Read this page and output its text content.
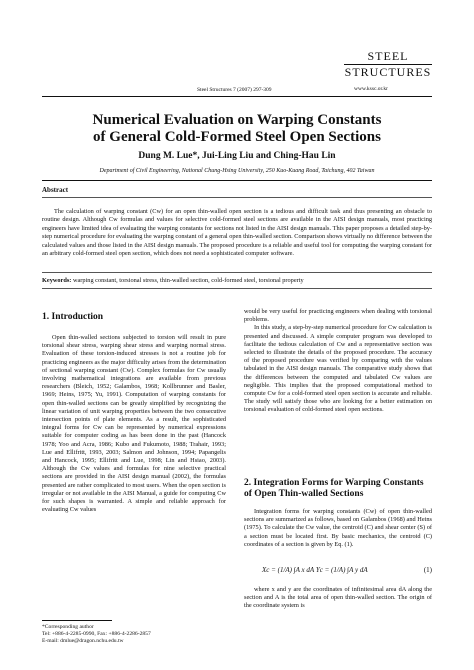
STEEL
STRUCTURES
www.kssc.or.kr
Steel Structures 7 (2007) 297-309
Numerical Evaluation on Warping Constants
of General Cold-Formed Steel Open Sections
Dung M. Lue*, Jui-Ling Liu and Ching-Hau Lin
Department of Civil Engineering, National Chung-Hsing University, 250 Kuo-Kuang Road, Taichung, 402 Taiwan
Abstract
The calculation of warping constant (Cw) for an open thin-walled open section is a tedious and difficult task and thus presenting an obstacle to routine design. Although Cw formulas and values for selective cold-formed steel sections are available in the AISI design manuals, most practicing engineers have limited idea of evaluating the warping constants for sections not listed in the AISI design manuals. This paper proposes a detailed step-by-step numerical procedure for evaluating the warping constant of a general open thin-walled section. Comparison shows virtually no difference between the calculated values and those listed in the AISI design manuals. The proposed procedure is a reliable and useful tool for computing the warping constant for an arbitrary cold-formed steel open section, which does not need a sophisticated computer software.
Keywords: warping constant, torsional stress, thin-walled section, cold-formed steel, torsional property
1. Introduction

Open thin-walled sections subjected to torsion will result in pure torsional shear stress, warping shear stress and warping normal stress. Evaluation of these torsion-induced stresses is not a routine job for practicing engineers as the major difficulty arises from the determination of sectional warping constant (Cw). Complex formulas for Cw usually involving mathematical integrations are available from previous researchers (Bleich, 1952; Galambos, 1968; Kollbrunner and Basler, 1969; Heins, 1975; Yu, 1991). Computation of warping constants for open thin-walled sections can be greatly simplified by recognizing the linear variation of unit warping properties between the two consecutive intersection points of plate elements. As a result, the sophisticated integral forms for Cw can be represented by numerical expressions suitable for computer coding as has been done in the past (Hancock 1978; Yoo and Acra, 1986; Kubo and Fukumoto, 1988; Trahair, 1993; Lue and Ellifritt, 1993, 2003; Salmon and Johnson, 1994; Papangelis and Hancock, 1995; Ellifritt and Lue, 1998; Lin and Hsiao, 2003). Although the Cw values and formulas for nine selective practical sections are provided in the AISI design manual (2002), the formulas presented are rather complicated to most users. When the open section is irregular or not available in the AISI Manual, a guide for computing Cw for such shapes is warranted. A simple and reliable approach for evaluating Cw values

would be very useful for practicing engineers when dealing with torsional problems.

In this study, a step-by-step numerical procedure for Cw calculation is presented and discussed. A simple computer program was developed to facilitate the tedious calculation of Cw and a representative section was selected to illustrate the details of the proposed procedure. The accuracy of the proposed procedure was verified by comparing with the values tabulated in the AISI design manuals. The comparative study shows that the differences between the computed and tabulated Cw values are negligible. This implies that the proposed computational method to compute Cw for a cold-formed steel open section is accurate and reliable. The study will satisfy those who are looking for a better estimation on torsional evaluation of cold-formed steel open sections.

2. Integration Forms for Warping Constants of Open Thin-walled Sections

Integration forms for warping constants (Cw) of open thin-walled sections are summarized as follows, based on Galambos (1968) and Heins (1975). To calculate the Cw value, the centroid (C) and shear center (S) of a section must be located first. By basic mechanics, the centroid (C) coordinates of a section is given by Eq. (1).

Xc = (1/A) ∫A x dA Yc = (1/A) ∫A y dA	(1)

where x and y are the coordinates of infinitesimal area dA along the section and A is the total area of open thin-walled section. The origin of the coordinate system is

*Corresponding author
Tel: +886-4-2285-0990, Fax: +886-4-2286-2857
E-mail: dmlue@dragon.nchu.edu.tw
